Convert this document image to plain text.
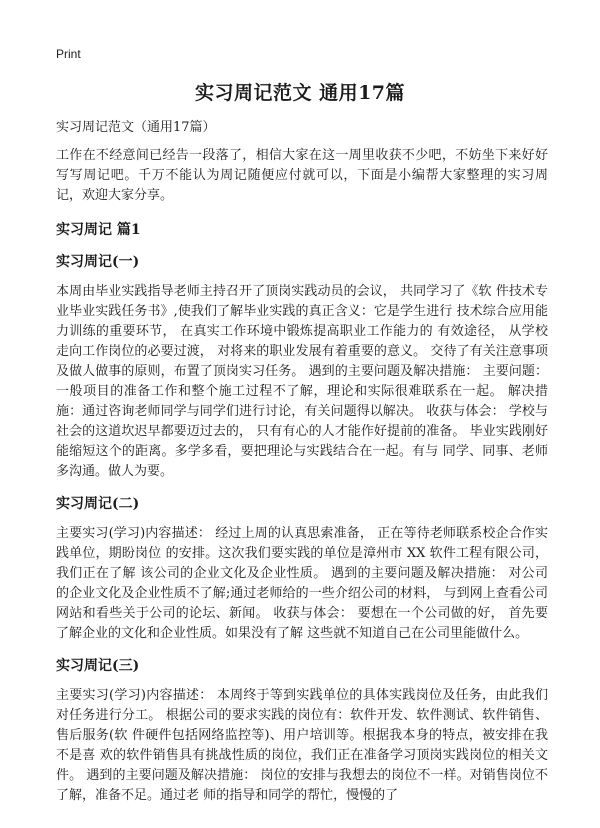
Print
实习周记范文 通用17篇

实习周记范文（通用17篇）

工作在不经意间已经告一段落了，相信大家在这一周里收获不少吧，不妨坐下来好好写写周记吧。千万不能认为周记随便应付就可以，下面是小编帮大家整理的实习周记，欢迎大家分享。

实习周记 篇1
实习周记(一)

本周由毕业实践指导老师主持召开了顶岗实践动员的会议， 共同学习了《软 件技术专业毕业实践任务书》,使我们了解毕业实践的真正含义：它是学生进行 技术综合应用能力训练的重要环节， 在真实工作环境中锻炼提高职业工作能力的 有效途径， 从学校走向工作岗位的必要过渡， 对将来的职业发展有着重要的意义。 交待了有关注意事项及做人做事的原则，布置了顶岗实习任务。 遇到的主要问题及解决措施： 主要问题：一般项目的准备工作和整个施工过程不了解，理论和实际很难联系在一起。 解决措施：通过咨询老师同学与同学们进行讨论，有关问题得以解决。 收获与体会： 学校与社会的这道坎迟早都要迈过去的， 只有有心的人才能作好提前的准备。 毕业实践刚好能缩短这个的距离。多学多看，要把理论与实践结合在一起。有与 同学、同事、老师多沟通。做人为要。

实习周记(二)

主要实习(学习)内容描述： 经过上周的认真思索准备， 正在等待老师联系校企合作实践单位，期盼岗位 的安排。这次我们要实践的单位是漳州市 XX 软件工程有限公司，我们正在了解 该公司的企业文化及企业性质。 遇到的主要问题及解决措施： 对公司的企业文化及企业性质不了解;通过老师给的一些介绍公司的材料， 与到网上查看公司网站和看些关于公司的论坛、新闻。 收获与体会： 要想在一个公司做的好， 首先要了解企业的文化和企业性质。如果没有了解 这些就不知道自己在公司里能做什么。

实习周记(三)

主要实习(学习)内容描述： 本周终于等到实践单位的具体实践岗位及任务，由此我们对任务进行分工。 根据公司的要求实践的岗位有：软件开发、软件测试、软件销售、售后服务(软 件硬件包括网络监控等)、用户培训等。根据我本身的特点，被安排在我不是喜 欢的软件销售具有挑战性质的岗位，我们正在准备学习顶岗实践岗位的相关文 件。 遇到的主要问题及解决措施： 岗位的安排与我想去的岗位不一样。对销售岗位不了解，准备不足。通过老 师的指导和同学的帮忙，慢慢的了
